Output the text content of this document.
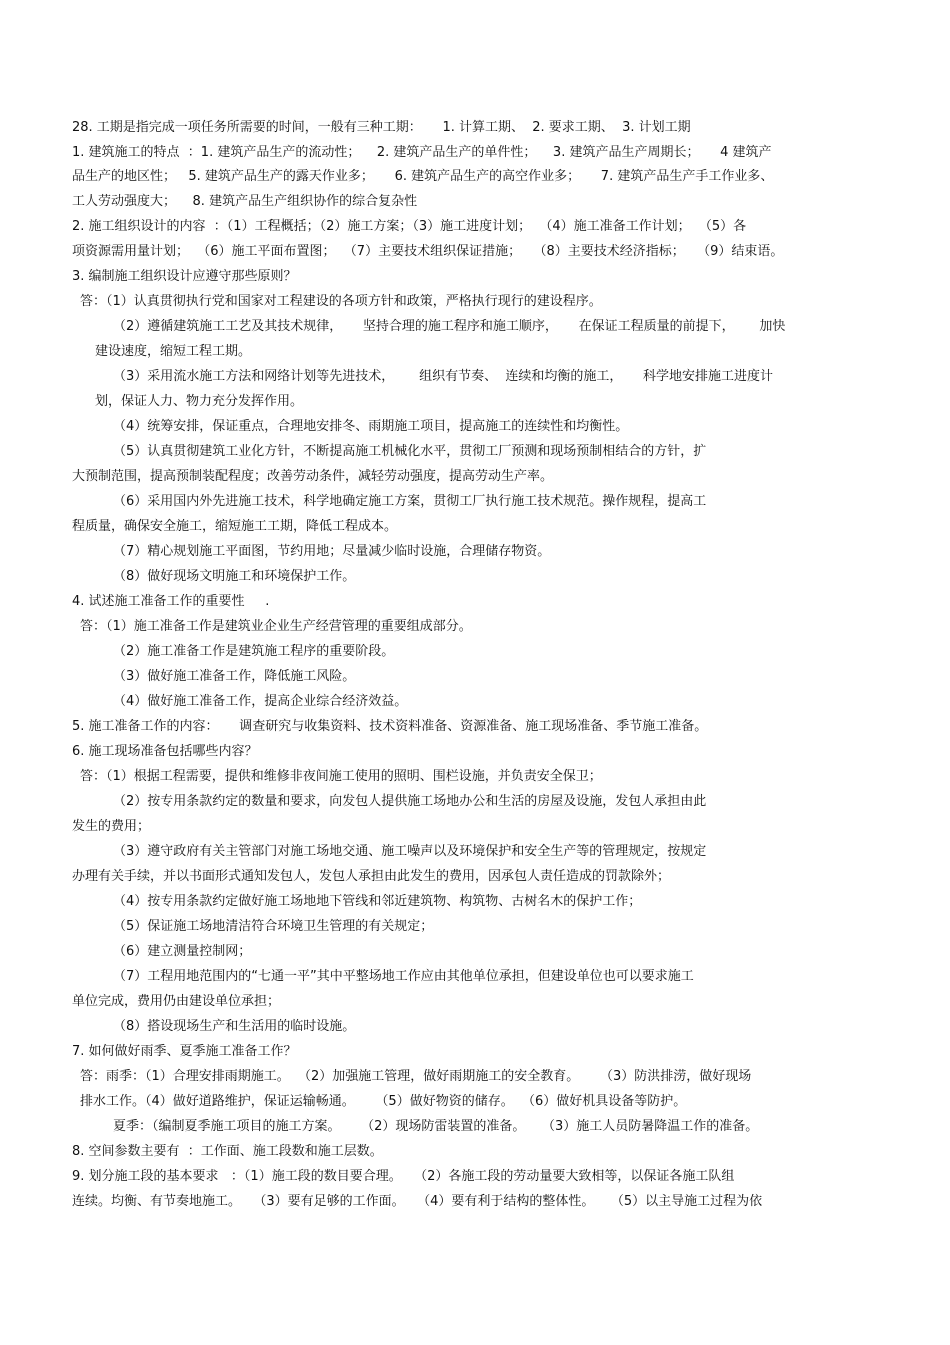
28. 工期是指完成一项任务所需要的时间，一般有三种工期：     1. 计算工期、  2. 要求工期、  3. 计划工期
1. 建筑施工的特点  ：1. 建筑产品生产的流动性；    2. 建筑产品生产的单件性；    3. 建筑产品生产周期长；     4 建筑产
品生产的地区性；   5. 建筑产品生产的露天作业多；     6. 建筑产品生产的高空作业多；     7. 建筑产品生产手工作业多、
工人劳动强度大；    8. 建筑产品生产组织协作的综合复杂性
2. 施工组织设计的内容  ：（1）工程概括；（2）施工方案；（3）施工进度计划；  （4）施工准备工作计划；  （5）各
项资源需用量计划；  （6）施工平面布置图；  （7）主要技术组织保证措施；   （8）主要技术经济指标；   （9）结束语。
3. 编制施工组织设计应遵守那些原则？
答：（1）认真贯彻执行党和国家对工程建设的各项方针和政策，严格执行现行的建设程序。
（2）遵循建筑施工工艺及其技术规律，     坚持合理的施工程序和施工顺序，     在保证工程质量的前提下，      加快
建设速度，缩短工程工期。
（3）采用流水施工方法和网络计划等先进技术，      组织有节奏、  连续和均衡的施工，     科学地安排施工进度计
划，保证人力、物力充分发挥作用。
（4）统筹安排，保证重点，合理地安排冬、雨期施工项目，提高施工的连续性和均衡性。
（5）认真贯彻建筑工业化方针，不断提高施工机械化水平，贯彻工厂预测和现场预制相结合的方针，扩
大预制范围，提高预制装配程度；改善劳动条件，减轻劳动强度，提高劳动生产率。
（6）采用国内外先进施工技术，科学地确定施工方案，贯彻工厂执行施工技术规范。操作规程，提高工
程质量，确保安全施工，缩短施工工期，降低工程成本。
（7）精心规划施工平面图，节约用地；尽量减少临时设施，合理储存物资。
（8）做好现场文明施工和环境保护工作。
4. 试述施工准备工作的重要性     .
答：（1）施工准备工作是建筑业企业生产经营管理的重要组成部分。
（2）施工准备工作是建筑施工程序的重要阶段。
（3）做好施工准备工作，降低施工风险。
（4）做好施工准备工作，提高企业综合经济效益。
5. 施工准备工作的内容：     调查研究与收集资料、技术资料准备、资源准备、施工现场准备、季节施工准备。
6. 施工现场准备包括哪些内容？
答：（1）根据工程需要，提供和维修非夜间施工使用的照明、围栏设施，并负责安全保卫；
（2）按专用条款约定的数量和要求，向发包人提供施工场地办公和生活的房屋及设施，发包人承担由此
发生的费用；
（3）遵守政府有关主管部门对施工场地交通、施工噪声以及环境保护和安全生产等的管理规定，按规定
办理有关手续，并以书面形式通知发包人，发包人承担由此发生的费用，因承包人责任造成的罚款除外；
（4）按专用条款约定做好施工场地地下管线和邻近建筑物、构筑物、古树名木的保护工作；
（5）保证施工场地清洁符合环境卫生管理的有关规定；
（6）建立测量控制网；
（7）工程用地范围内的“七通一平”其中平整场地工作应由其他单位承担，但建设单位也可以要求施工
单位完成，费用仍由建设单位承担；
（8）搭设现场生产和生活用的临时设施。
7. 如何做好雨季、夏季施工准备工作？
答：雨季：（1）合理安排雨期施工。  （2）加强施工管理，做好雨期施工的安全教育。     （3）防洪排涝，做好现场
排水工作。（4）做好道路维护，保证运输畅通。     （5）做好物资的储存。  （6）做好机具设备等防护。
夏季：（编制夏季施工项目的施工方案。     （2）现场防雷装置的准备。    （3）施工人员防暑降温工作的准备。
8. 空间参数主要有  ：工作面、施工段数和施工层数。
9. 划分施工段的基本要求   ：（1）施工段的数目要合理。   （2）各施工段的劳动量要大致相等，以保证各施工队组
连续。均衡、有节奏地施工。   （3）要有足够的工作面。   （4）要有利于结构的整体性。    （5）以主导施工过程为依
